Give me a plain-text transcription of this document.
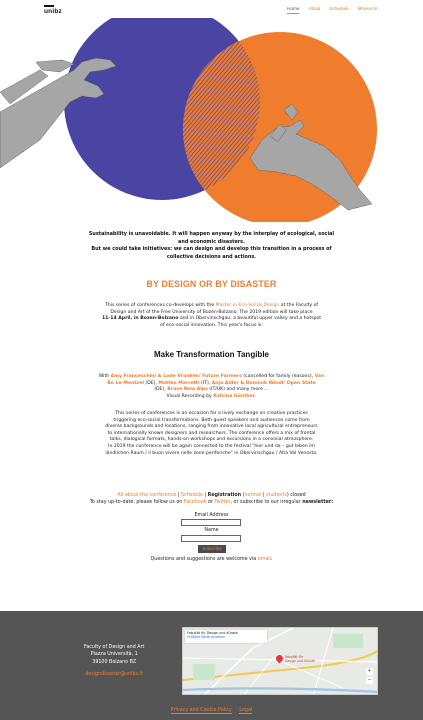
unibz	Home About Schedule MoreActs
Sustainability is unavoidable. It will happen anyway by the interplay of ecological, social
and economic disasters.
But we could take initiatives: we can design and develop this transition in a process of
collective decisions and actions.
BY DESIGN OR BY DISASTER
This series of conferences co-develops with the Master in Eco-Social Design at the Faculty of
Design and Art of the Free University of Bozen-Bolzano. The 2019 edition will take place
11-14 April, in Bozen-Bolzano and in Obervinschgau, a beautiful upper valley and a hotspot
of eco-social innovation. This year's focus is:
Make Transformation Tangible
With Amy Franceschini & Lode Vranken/ Future Farmers (cancelled for family reasons), Van
Bo Le-Mentzel (DE), Matteo Marretti (IT), Anja Adler & Dominik Windl/ Open State
(DE), Brave New Alps (IT/UK) and many more ...
Visual Recording by Katrina Günther.
This series of conferences is an occasion for a lively exchange on creative practices
triggering eco-social transformations. Both guest speakers and audiences come from
diverse backgrounds and locations, ranging from innovative local agricultural entrepreneurs
to internationally known designers and researchers. The conference offers a mix of frontal
talks, dialogical formats, hands-on workshops and excursions in a convivial atmosphere.
In 2019 the conference will be again connected to the festival "hier und da – gut leben im
ländlichen Raum / il buon vivere nelle zone periferiche" in Obervinschgau / Alta Val Venosta.
All about the conference | Schedule | Registration (normal | students) closed
To stay up-to-date, please follow us on Facebook or Twitter, or subscribe to our irregular newsletter:
Email Address
Name
Subscribe
Questions and suggestions are welcome via email.
Faculty of Design and Art
Piazza Università, 1
39100 Bolzano BZ
designdisaster@unibz.it
Fakultät für Design und Künste
Größere Karte ansehen
Fakultät für
Design und Künste
+
−
Privacy and Cookie Policy Legal
